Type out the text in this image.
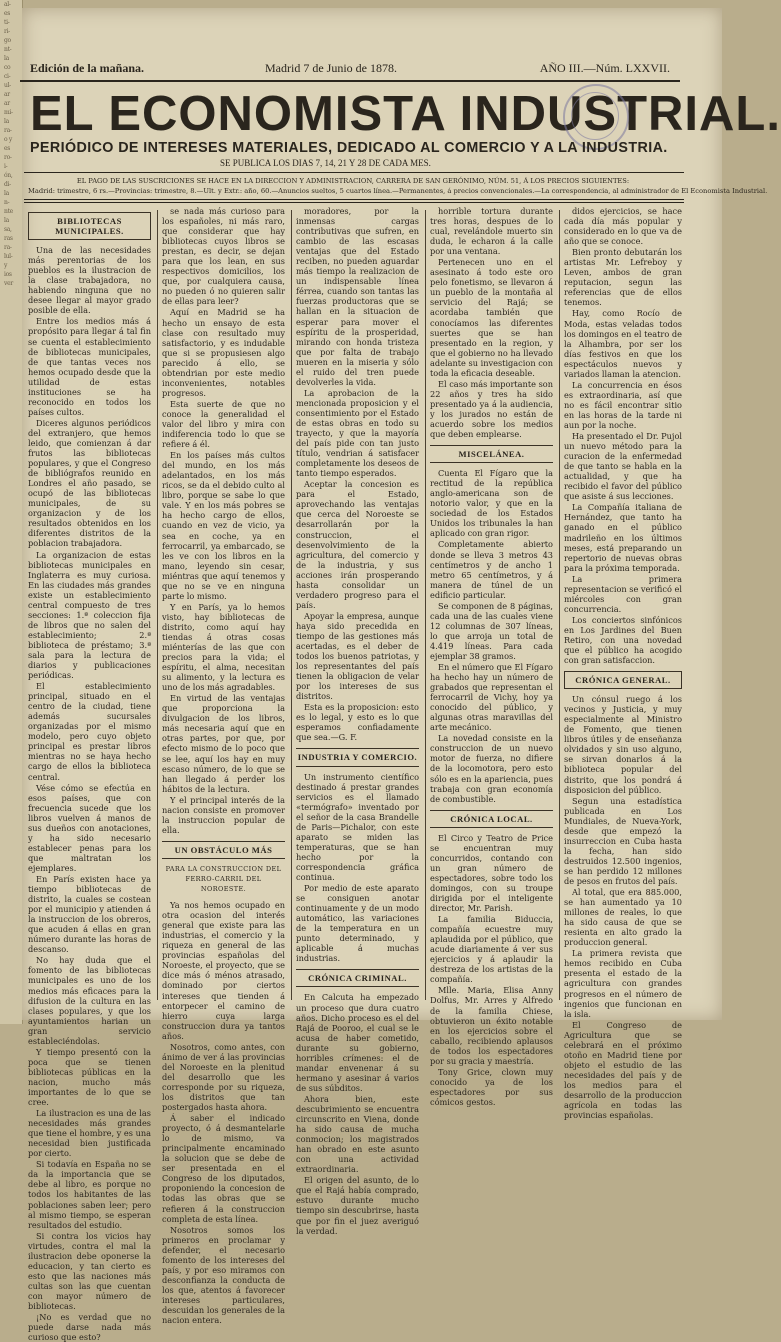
al-
es
ti-
ri-
go
nt-
la
co
ci-
ul-
ar
ar
mi-
la
ra-
o y
es
ro-
i-
ón,
di-
la
n-
nte
la
sa,
ras
ra-
lul-
y
ios
ver
Edición de la mañana.	Madrid 7 de Junio de 1878.	AÑO III.—Núm. LXXVII.
EL ECONOMISTA INDUSTRIAL.
PERIÓDICO DE INTERESES MATERIALES, DEDICADO AL COMERCIO Y A LA INDUSTRIA.
SE PUBLICA LOS DIAS 7, 14, 21 Y 28 DE CADA MES.
EL PAGO DE LAS SUSCRICIONES SE HACE EN LA DIRECCION Y ADMINISTRACION, CARRERA DE SAN GERÓNIMO, NÚM. 51, Á LOS PRECIOS SIGUIENTES:
Madrid: trimestre, 6 rs.—Provincias: trimestre, 8.—Ult. y Extr.: año, 60.—Anuncios sueltos, 5 cuartos línea.—Permanentes, á precios convencionales.—La correspondencia, al administrador de El Economista Industrial.
BIBLIOTECAS MUNICIPALES.

Una de las necesidades más perentorias de los pueblos es la ilustracion de la clase trabajadora, no habiendo ninguna que no desee llegar al mayor grado posible de ella.

Entre los medios más á propósito para llegar á tal fin se cuenta el establecimiento de bibliotecas municipales, de que tantas veces nos hemos ocupado desde que la utilidad de estas instituciones se ha reconocido en todos los países cultos.

Diceres algunos periódicos del extranjero, que hemos leido, que comienzan á dar frutos las bibliotecas populares, y que el Congreso de bibliógrafos reunido en Londres el año pasado, se ocupó de las bibliotecas municipales, de su organizacion y de los resultados obtenidos en los diferentes distritos de la poblacion trabajadora.

La organizacion de estas bibliotecas municipales en Inglaterra es muy curiosa. En las ciudades más grandes existe un establecimiento central compuesto de tres secciones: 1.ª coleccion fija de libros que no salen del establecimiento; 2.ª biblioteca de préstamo; 3.ª sala para la lectura de diarios y publicaciones periódicas.

El establecimiento principal, situado en el centro de la ciudad, tiene además sucursales organizadas por el mismo modelo, pero cuyo objeto principal es prestar libros mientras no se haya hecho cargo de ellos la biblioteca central.

Vése cómo se efectúa en esos países, que con frecuencia sucede que los libros vuelven á manos de sus dueños con anotaciones, y ha sido necesario establecer penas para los que maltratan los ejemplares.

En París existen hace ya tiempo bibliotecas de distrito, la cuales se costean por el municipio y atienden á la instruccion de los obreros, que acuden á ellas en gran número durante las horas de descanso.

No hay duda que el fomento de las bibliotecas municipales es uno de los medios más eficaces para la difusion de la cultura en las clases populares, y que los ayuntamientos harian un gran servicio estableciéndolas.

Y tiempo presentó con la poca que se tienen bibliotecas públicas en la nacion, mucho más importantes de lo que se cree.

La ilustracion es una de las necesidades más grandes que tiene el hombre, y es una necesidad bien justificada por cierto.

Si todavía en España no se da la importancia que se debe al libro, es porque no todos los habitantes de las poblaciones saben leer; pero al mismo tiempo, se esperan resultados del estudio.

Si contra los vicios hay virtudes, contra el mal la ilustracion debe oponerse la educacion, y tan cierto es esto que las naciones más cultas son las que cuentan con mayor número de bibliotecas.

¡No es verdad que no puede darse nada más curioso que esto?

se nada más curioso para los españoles, ni más raro, que considerar que hay bibliotecas cuyos libros se prestan, es decir, se dejan para que los lean, en sus respectivos domicilios, los que, por cualquiera causa, no pueden ó no quieren salir de ellas para leer?

Aquí en Madrid se ha hecho un ensayo de esta clase con resultado muy satisfactorio, y es indudable que si se propusiesen algo parecido á ello, se obtendrian por este medio inconvenientes, notables progresos.

Esta suerte de que no conoce la generalidad el valor del libro y mira con indiferencia todo lo que se refiere á él.

En los países más cultos del mundo, en los más adelantados, en los más ricos, se da el debido culto al libro, porque se sabe lo que vale. Y en los más pobres se ha hecho cargo de ellos, cuando en vez de vicio, ya sea en coche, ya en ferrocarril, ya embarcado, se les ve con los libros en la mano, leyendo sin cesar, miéntras que aquí tenemos y que no se ve en ninguna parte lo mismo.

Y en París, ya lo hemos visto, hay bibliotecas de distrito, como aquí hay tiendas á otras cosas miénterías de las que con precios para la vida; el espíritu, el alma, necesitan su alimento, y la lectura es uno de los más agradables.

En virtud de las ventajas que proporciona la divulgacion de los libros, más necesaria aquí que en otras partes, por que, por efecto mismo de lo poco que se lee, aquí los hay en muy escaso número, de lo que se han llegado á perder los hábitos de la lectura.

Y el principal interés de la nacion consiste en promover la instruccion popular de ella.

UN OBSTÁCULO MÁS
PARA LA CONSTRUCCION DEL FERRO-CARRIL DEL NOROESTE.

Ya nos hemos ocupado en otra ocasion del interés general que existe para las industrias, el comercio y la riqueza en general de las provincias españolas del Noroeste, el proyecto, que se dice más ó ménos atrasado, dominado por ciertos intereses que tienden á entorpecer el camino de hierro cuya larga construccion dura ya tantos años.

Nosotros, como antes, con ánimo de ver á las provincias del Noroeste en la plenitud del desarrollo que les corresponde por su riqueza, los distritos que tan postergados hasta ahora.

Á saber el indicado proyecto, ó á desmantelarle lo de mismo, va principalmente encaminado la solucion que se debe de ser presentada en el Congreso de los diputados, proponiendo la concesion de todas las obras que se refieren á la construccion completa de esta línea.

Nosotros somos los primeros en proclamar y defender, el necesario fomento de los intereses del país, y por eso miramos con desconfianza la conducta de los que, atentos á favorecer intereses particulares, descuidan los generales de la nacion entera.

moradores, por la inmensas cargas contributivas que sufren, en cambio de las escasas ventajas que del Estado reciben, no pueden aguardar más tiempo la realizacion de un indispensable línea férrea, cuando son tantas las fuerzas productoras que se hallan en la situacion de esperar para mover el espíritu de la prosperidad, mirando con honda tristeza que por falta de trabajo mueren en la miseria y sólo el ruido del tren puede devolverles la vida.

La aprobacion de la mencionada proposicion y el consentimiento por el Estado de estas obras en todo su trayecto, y que la mayoría del país pide con tan justo título, vendrian á satisfacer completamente los deseos de tanto tiempo esperados.

Aceptar la concesion es para el Estado, aprovechando las ventajas que cerca del Noroeste se desarrollarán por la construccion, el desenvolvimiento de la agricultura, del comercio y de la industria, y sus acciones irán prosperando hasta consolidar un verdadero progreso para el país.

Apoyar la empresa, aunque haya sido precedida en tiempo de las gestiones más acertadas, es el deber de todos los buenos patriotas, y los representantes del país tienen la obligacion de velar por los intereses de sus distritos.

Esta es la proposicion: esto es lo legal, y esto es lo que esperamos confiadamente que sea.—G. F.

INDUSTRIA Y COMERCIO.

Un instrumento científico destinado á prestar grandes servicios es el llamado «termógrafo» inventado por el señor de la casa Brandelle de Paris—Pichalor, con este aparato se miden las temperaturas, que se han hecho por la correspondencia gráfica continua.

Por medio de este aparato se consiguen anotar continuamente y de un modo automático, las variaciones de la temperatura en un punto determinado, y aplicable á muchas industrias.

CRÓNICA CRIMINAL.

En Calcuta ha empezado un proceso que dura cuatro años. Dicho proceso es el del Rajá de Pooroo, el cual se le acusa de haber cometido, durante su gobierno, horribles crímenes: el de mandar envenenar á su hermano y asesinar á varios de sus súbditos.

Ahora bien, este descubrimiento se encuentra circunscrito en Viena, donde ha sido causa de mucha conmocion; los magistrados han obrado en este asunto con una actividad extraordinaria.

El origen del asunto, de lo que el Rajá había comprado, estuvo durante mucho tiempo sin descubrirse, hasta que por fin el juez averiguó la verdad.

horrible tortura durante tres horas, despues de lo cual, revelándole muerto sin duda, le echaron á la calle por una ventana.

Pertenecen uno en el asesinato á todo este oro pelo fonetismo, se llevaron á un pueblo de la montaña al servicio del Rajá; se acordaba también que conocíamos las diferentes suertes que se han presentado en la region, y que el gobierno no ha llevado adelante su investigacion con toda la eficacia deseable.

El caso más importante son 22 años y tres ha sido presentado ya á la audiencia, y los jurados no están de acuerdo sobre los medios que deben emplearse.

MISCELÁNEA.

Cuenta El Fígaro que la rectitud de la república anglo-americana son de notorio valor, y que en la sociedad de los Estados Unidos los tribunales la han aplicado con gran rigor.

Completamente abierto donde se lleva 3 metros 43 centímetros y de ancho 1 metro 65 centímetros, y á manera de túnel de un edificio particular.

Se componen de 8 páginas, cada una de las cuales viene 12 columnas de 307 líneas, lo que arroja un total de 4.419 líneas. Para cada ejemplar 38 gramos.

En el número que El Fígaro ha hecho hay un número de grabados que representan el ferrocarril de Vichy, hoy ya conocido del público, y algunas otras maravillas del arte mecánico.

La novedad consiste en la construccion de un nuevo motor de fuerza, no difiere de la locomotora, pero esto sólo es en la apariencia, pues trabaja con gran economía de combustible.

CRÓNICA LOCAL.

El Circo y Teatro de Price se encuentran muy concurridos, contando con un gran número de espectadores, sobre todo los domingos, con su troupe dirigida por el inteligente director, Mr. Parish.

La familia Biduccia, compañía ecuestre muy aplaudida por el público, que acude diariamente á ver sus ejercicios y á aplaudir la destreza de los artistas de la compañía.

Mlle. Maria, Elisa Anny Dolfus, Mr. Arres y Alfredo de la familia Chiese, obtuvieron un éxito notable en los ejercicios sobre el caballo, recibiendo aplausos de todos los espectadores por su gracia y maestría.

Tony Grice, clown muy conocido ya de los espectadores por sus cómicos gestos.

didos ejercicios, se hace cada día más popular y considerado en lo que va de año que se conoce.

Bien pronto debutarán los artistas Mr. Lefreboy y Leven, ambos de gran reputacion, segun las referencias que de ellos tenemos.

Hay, como Rocío de Moda, estas veladas todos los domingos en el teatro de la Alhambra, por ser los días festivos en que los espectáculos nuevos y variados llaman la atencion.

La concurrencia en ésos es extraordinaria, así que no es fácil encontrar sitio en las horas de la tarde ni aun por la noche.

Ha presentado el Dr. Pujol un nuevo método para la curacion de la enfermedad de que tanto se habla en la actualidad, y que ha recibido el favor del público que asiste á sus lecciones.

La Compañía italiana de Hernández, que tanto ha ganado en el público madrileño en los últimos meses, está preparando un repertorio de nuevas obras para la próxima temporada.

La primera representacion se verificó el miércoles con gran concurrencia.

Los conciertos sinfónicos en Los Jardines del Buen Retiro, con una novedad que el público ha acogido con gran satisfaccion.

CRÓNICA GENERAL.

Un cónsul ruego á los vecinos y Justicia, y muy especialmente al Ministro de Fomento, que tienen libros útiles y de enseñanza olvidados y sin uso alguno, se sirvan donarlos á la biblioteca popular del distrito, que los pondrá á disposicion del público.

Segun una estadística publicada en Los Mundiales, de Nueva-York, desde que empezó la insurreccion en Cuba hasta la fecha, han sido destruidos 12.500 ingenios, se han perdido 12 millones de pesos en frutos del país.

Al total, que era 885.000, se han aumentado ya 10 millones de reales, lo que ha sido causa de que se resienta en alto grado la produccion general.

La primera revista que hemos recibido en Cuba presenta el estado de la agricultura con grandes progresos en el número de ingenios que funcionan en la isla.

El Congreso de Agricultura que se celebrará en el próximo otoño en Madrid tiene por objeto el estudio de las necesidades del país y de los medios para el desarrollo de la produccion agrícola en todas las provincias españolas.
